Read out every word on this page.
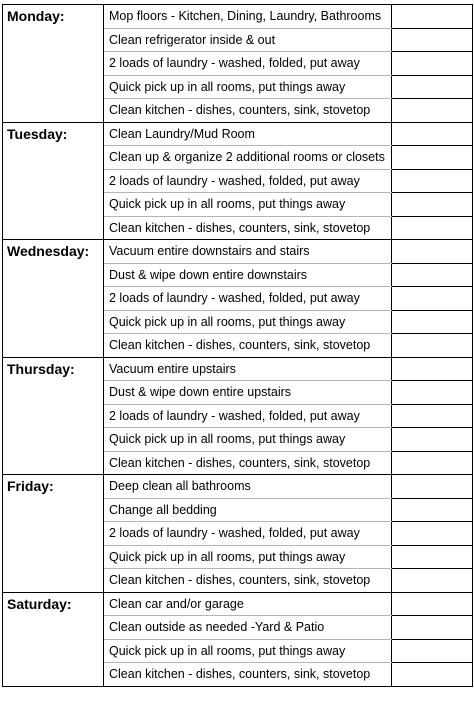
Monday:	Mop floors - Kitchen, Dining, Laundry, Bathrooms	
	Clean refrigerator inside & out	
	2 loads of laundry - washed, folded, put away	
	Quick pick up in all rooms, put things away	
	Clean kitchen - dishes, counters, sink, stovetop	
Tuesday:	Clean Laundry/Mud Room	
	Clean up & organize 2 additional rooms or closets	
	2 loads of laundry - washed, folded, put away	
	Quick pick up in all rooms, put things away	
	Clean kitchen - dishes, counters, sink, stovetop	
Wednesday:	Vacuum entire downstairs and stairs	
	Dust & wipe down entire downstairs	
	2 loads of laundry - washed, folded, put away	
	Quick pick up in all rooms, put things away	
	Clean kitchen - dishes, counters, sink, stovetop	
Thursday:	Vacuum entire upstairs	
	Dust & wipe down entire upstairs	
	2 loads of laundry - washed, folded, put away	
	Quick pick up in all rooms, put things away	
	Clean kitchen - dishes, counters, sink, stovetop	
Friday:	Deep clean all bathrooms	
	Change all bedding	
	2 loads of laundry - washed, folded, put away	
	Quick pick up in all rooms, put things away	
	Clean kitchen - dishes, counters, sink, stovetop	
Saturday:	Clean car and/or garage	
	Clean outside as needed -Yard & Patio	
	Quick pick up in all rooms, put things away	
	Clean kitchen - dishes, counters, sink, stovetop	
